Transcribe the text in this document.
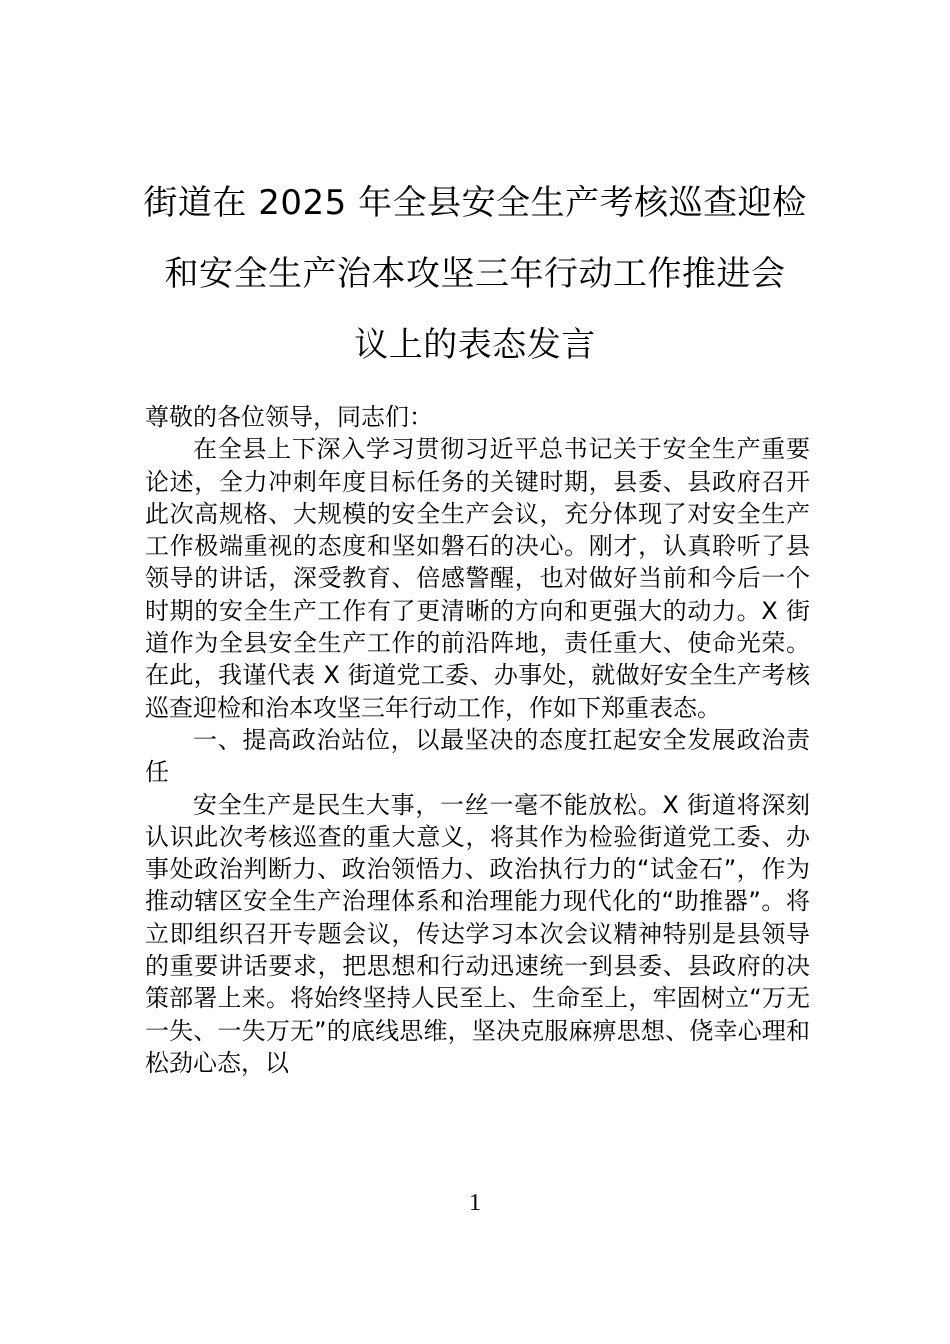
街道在 2025 年全县安全生产考核巡查迎检
和安全生产治本攻坚三年行动工作推进会
议上的表态发言

尊敬的各位领导，同志们：

在全县上下深入学习贯彻习近平总书记关于安全生产重要论述，全力冲刺年度目标任务的关键时期，县委、县政府召开此次高规格、大规模的安全生产会议，充分体现了对安全生产工作极端重视的态度和坚如磐石的决心。刚才，认真聆听了县领导的讲话，深受教育、倍感警醒，也对做好当前和今后一个时期的安全生产工作有了更清晰的方向和更强大的动力。X 街道作为全县安全生产工作的前沿阵地，责任重大、使命光荣。在此，我谨代表 X 街道党工委、办事处，就做好安全生产考核巡查迎检和治本攻坚三年行动工作，作如下郑重表态。

一、提高政治站位，以最坚决的态度扛起安全发展政治责任

安全生产是民生大事，一丝一毫不能放松。X 街道将深刻认识此次考核巡查的重大意义，将其作为检验街道党工委、办事处政治判断力、政治领悟力、政治执行力的“试金石”，作为推动辖区安全生产治理体系和治理能力现代化的“助推器”。将立即组织召开专题会议，传达学习本次会议精神特别是县领导的重要讲话要求，把思想和行动迅速统一到县委、县政府的决策部署上来。将始终坚持人民至上、生命至上，牢固树立“万无一失、一失万无”的底线思维，坚决克服麻痹思想、侥幸心理和松劲心态，以

1
